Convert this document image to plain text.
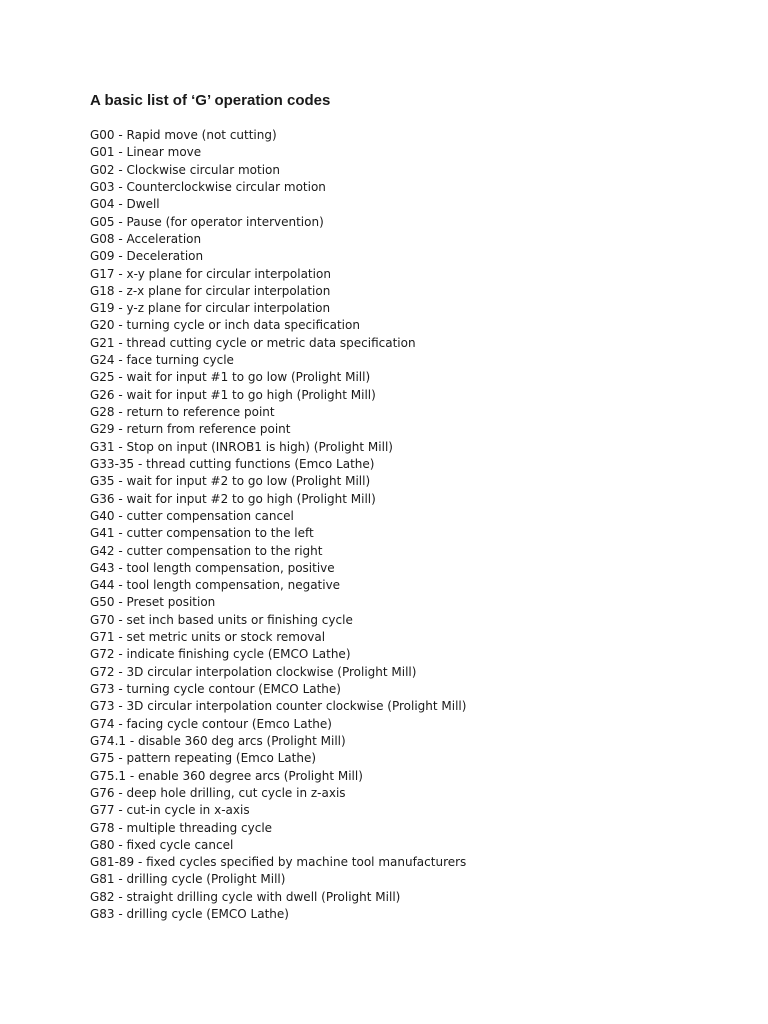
A basic list of ‘G’ operation codes
G00 - Rapid move (not cutting)
G01 - Linear move
G02 - Clockwise circular motion
G03 - Counterclockwise circular motion
G04 - Dwell
G05 - Pause (for operator intervention)
G08 - Acceleration
G09 - Deceleration
G17 - x-y plane for circular interpolation
G18 - z-x plane for circular interpolation
G19 - y-z plane for circular interpolation
G20 - turning cycle or inch data specification
G21 - thread cutting cycle or metric data specification
G24 - face turning cycle
G25 - wait for input #1 to go low (Prolight Mill)
G26 - wait for input #1 to go high (Prolight Mill)
G28 - return to reference point
G29 - return from reference point
G31 - Stop on input (INROB1 is high) (Prolight Mill)
G33-35 - thread cutting functions (Emco Lathe)
G35 - wait for input #2 to go low (Prolight Mill)
G36 - wait for input #2 to go high (Prolight Mill)
G40 - cutter compensation cancel
G41 - cutter compensation to the left
G42 - cutter compensation to the right
G43 - tool length compensation, positive
G44 - tool length compensation, negative
G50 - Preset position
G70 - set inch based units or finishing cycle
G71 - set metric units or stock removal
G72 - indicate finishing cycle (EMCO Lathe)
G72 - 3D circular interpolation clockwise (Prolight Mill)
G73 - turning cycle contour (EMCO Lathe)
G73 - 3D circular interpolation counter clockwise (Prolight Mill)
G74 - facing cycle contour (Emco Lathe)
G74.1 - disable 360 deg arcs (Prolight Mill)
G75 - pattern repeating (Emco Lathe)
G75.1 - enable 360 degree arcs (Prolight Mill)
G76 - deep hole drilling, cut cycle in z-axis
G77 - cut-in cycle in x-axis
G78 - multiple threading cycle
G80 - fixed cycle cancel
G81-89 - fixed cycles specified by machine tool manufacturers
G81 - drilling cycle (Prolight Mill)
G82 - straight drilling cycle with dwell (Prolight Mill)
G83 - drilling cycle (EMCO Lathe)
